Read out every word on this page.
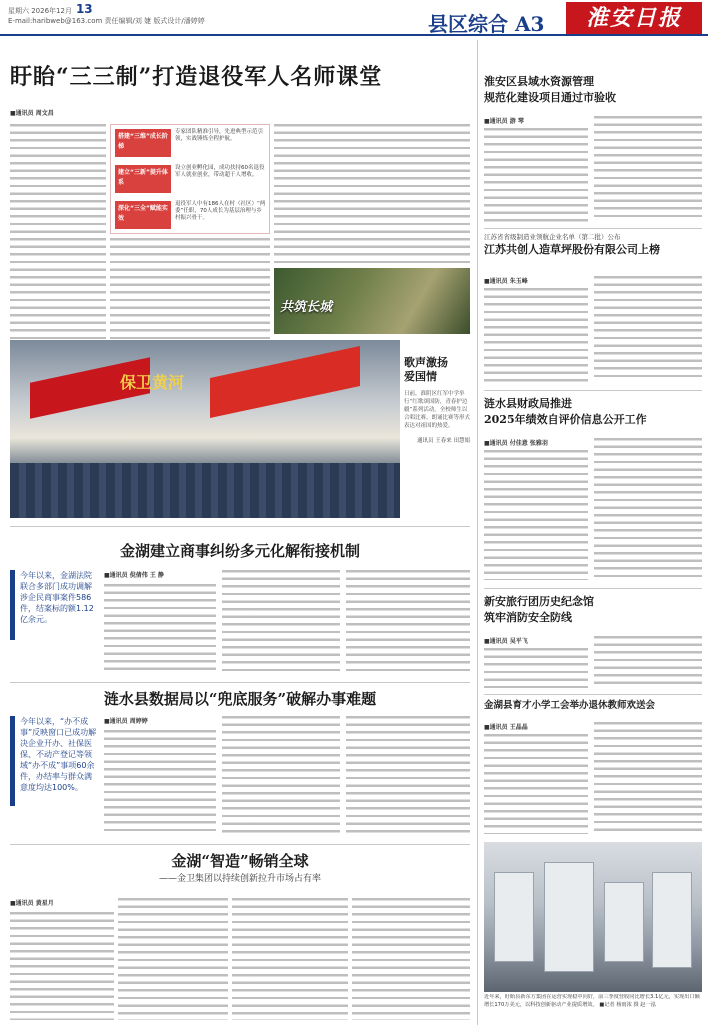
星期六 2026年12月 13
E-mail:haribweb@163.com 责任编辑/刘 婕 版式设计/潘婷婷	县区综合 A3	淮安日报
盱眙“三三制”打造退役军人名师课堂
■通讯员 周文昌
搭建“三维”成长阶梯
专家团队精准引导，先进典型示范引领，实战锤炼全程护航。
建立“三新”提升体系
设立创业孵化园，成功扶持60名退役军人就业创业，带动超千人增收。
深化“三全”赋能实效
退役军人中有186人在村（社区）“两委”任职，70人成长为基层治理与乡村振兴骨干。
共筑长城
保卫黄河
歌声激扬
爱国情
日前，淮阴区红军中学举行“红歌颂国防，青春护边疆”系列活动。全校师生以合唱比赛、朗诵比赛等形式表达对祖国的热爱。
通讯员 王春来 田慧娟
金湖建立商事纠纷多元化解衔接机制
今年以来，金湖法院联合多部门成功调解涉企民商事案件586件，结案标的额1.12亿余元。
■通讯员 倪倩伟 王 静
涟水县数据局以“兜底服务”破解办事难题
今年以来，“办不成事”反映窗口已成功解决企业开办、社保医保、不动产登记等领域“办不成”事项60余件，办结率与群众满意度均达100%。
■通讯员 周婷婷
金湖“智造”畅销全球
——金卫集团以持续创新拉升市场占有率
■通讯员 黄星月
淮安区县域水资源管理
规范化建设项目通过市验收
■通讯员 游 琴
江苏省省级制造业领航企业名单（第二批）公布
江苏共创人造草坪股份有限公司上榜
■通讯员 朱玉峰
涟水县财政局推进
2025年绩效自评价信息公开工作
■通讯员 付佳意 张雅羽
新安旅行团历史纪念馆
筑牢消防安全防线
■通讯员 吴平飞
金湖县育才小学工会举办退休教师欢送会
■通讯员 王晶晶
近年来，盱眙县新东方集团在运营实现稳中向好，前三季度营收同比增长3.1亿元，实现出口额增长170万美元，以科技创新驱动产业提质增效。 ■记者 杨雨浓 摄 赵一泓
